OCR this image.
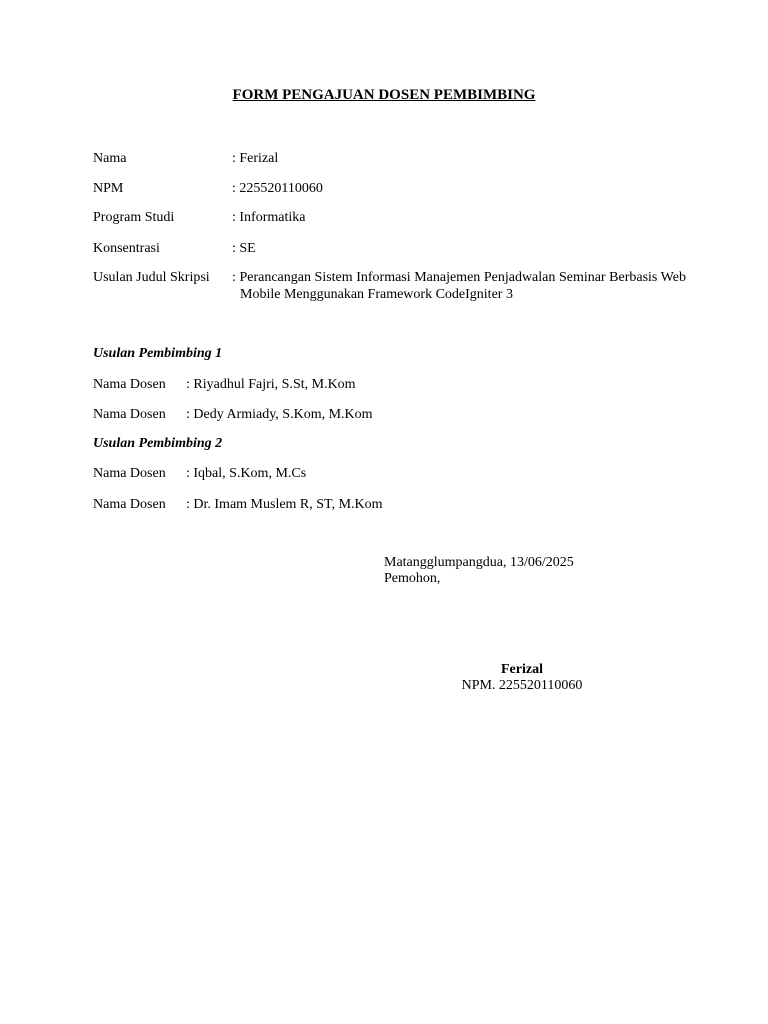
FORM PENGAJUAN DOSEN PEMBIMBING
Nama	: Ferizal
NPM	: 225520110060
Program Studi	: Informatika
Konsentrasi	: SE
Usulan Judul Skripsi : Perancangan Sistem Informasi Manajemen Penjadwalan Seminar Berbasis Web Mobile Menggunakan Framework CodeIgniter 3
Usulan Pembimbing 1
Nama Dosen : Riyadhul Fajri, S.St, M.Kom
Nama Dosen : Dedy Armiady, S.Kom, M.Kom
Usulan Pembimbing 2
Nama Dosen : Iqbal, S.Kom, M.Cs
Nama Dosen : Dr. Imam Muslem R, ST, M.Kom
Matangglumpangdua, 13/06/2025
Pemohon,
Ferizal
NPM. 225520110060
